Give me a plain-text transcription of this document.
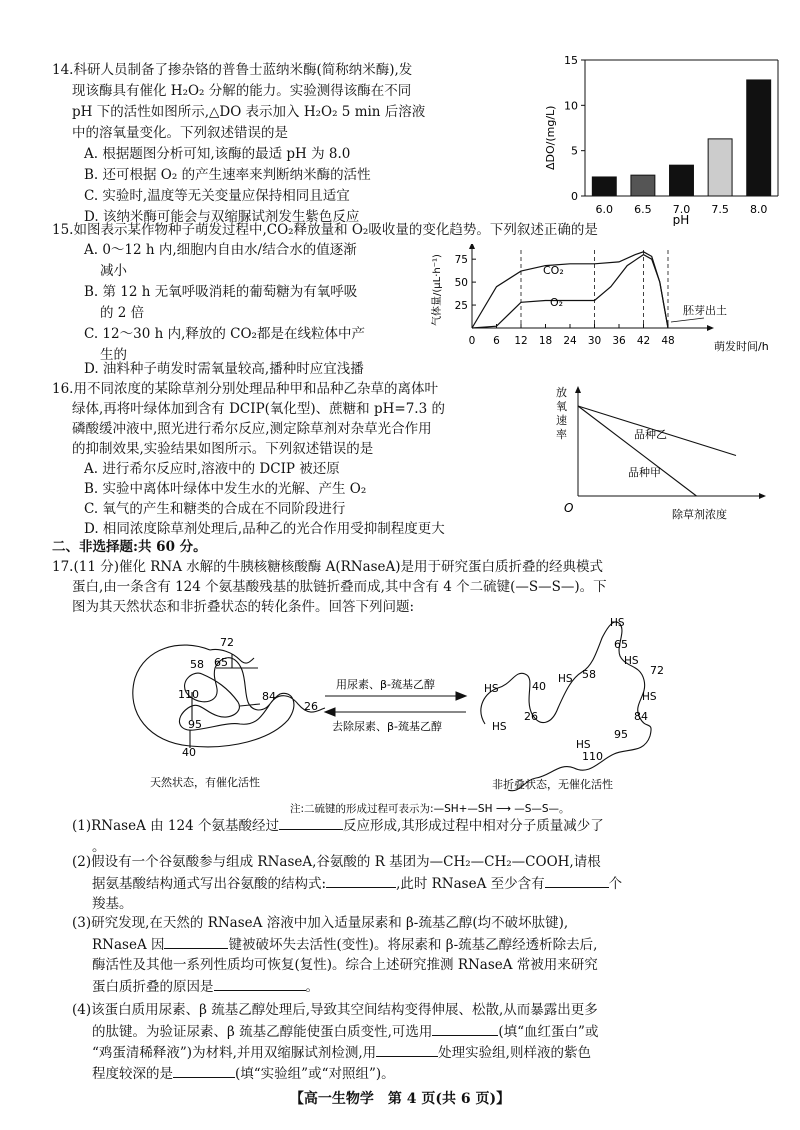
14.科研人员制备了掺杂铬的普鲁士蓝纳米酶(简称纳米酶),发
现该酶具有催化 H₂O₂ 分解的能力。实验测得该酶在不同
pH 下的活性如图所示,△DO 表示加入 H₂O₂ 5 min 后溶液
中的溶氧量变化。下列叙述错误的是
A. 根据题图分析可知,该酶的最适 pH 为 8.0
B. 还可根据 O₂ 的产生速率来判断纳米酶的活性
C. 实验时,温度等无关变量应保持相同且适宜
D. 该纳米酶可能会与双缩脲试剂发生紫色反应
0
5
10
15
6.0 6.5 7.0 7.5 8.0
ΔDO/(mg/L)
pH
15.如图表示某作物种子萌发过程中,CO₂释放量和 O₂吸收量的变化趋势。下列叙述正确的是
A. 0～12 h 内,细胞内自由水/结合水的值逐渐
减小
B. 第 12 h 无氧呼吸消耗的葡萄糖为有氧呼吸
的 2 倍
C. 12～30 h 内,释放的 CO₂都是在线粒体中产
生的
D. 油料种子萌发时需氧量较高,播种时应宜浅播
25
50
75
0 6 12 18 24 30 36 42 48
气体量/(μL·h⁻¹)
萌发时间/h
CO₂
O₂
胚芽出土
16.用不同浓度的某除草剂分别处理品种甲和品种乙杂草的离体叶
绿体,再将叶绿体加到含有 DCIP(氧化型)、蔗糖和 pH=7.3 的
磷酸缓冲液中,照光进行希尔反应,测定除草剂对杂草光合作用
的抑制效果,实验结果如图所示。下列叙述错误的是
A. 进行希尔反应时,溶液中的 DCIP 被还原
B. 实验中离体叶绿体中发生水的光解、产生 O₂
C. 氧气的产生和糖类的合成在不同阶段进行
D. 相同浓度除草剂处理后,品种乙的光合作用受抑制程度更大
放氧速率	品种乙
品种甲
O	除草剂浓度
二、非选择题:共 60 分。
17.(11 分)催化 RNA 水解的牛胰核糖核酸酶 A(RNaseA)是用于研究蛋白质折叠的经典模式
蛋白,由一条含有 124 个氨基酸残基的肽链折叠而成,其中含有 4 个二硫键(—S—S—)。下
图为其天然状态和非折叠状态的转化条件。回答下列问题:
72
65
58
110
95
84
26
40
天然状态，有催化活性
用尿素、β-巯基乙醇
去除尿素、β-巯基乙醇
65
72
58
40
26	84
95
110
HS
HS
HS
HS
HS
HS
HS
非折叠状态，无催化活性
注:二硫键的形成过程可表示为:—SH+—SH ⟶ —S—S—。
(1)RNaseA 由 124 个氨基酸经过	反应形成,其形成过程中相对分子质量减少了
。
(2)假设有一个谷氨酸参与组成 RNaseA,谷氨酸的 R 基团为—CH₂—CH₂—COOH,请根
据氨基酸结构通式写出谷氨酸的结构式:	,此时 RNaseA 至少含有	个
羧基。
(3)研究发现,在天然的 RNaseA 溶液中加入适量尿素和 β-巯基乙醇(均不破坏肽键),
RNaseA 因	键被破坏失去活性(变性)。将尿素和 β-巯基乙醇经透析除去后,
酶活性及其他一系列性质均可恢复(复性)。综合上述研究推测 RNaseA 常被用来研究
蛋白质折叠的原因是	。
(4)该蛋白质用尿素、β 巯基乙醇处理后,导致其空间结构变得伸展、松散,从而暴露出更多
的肽键。为验证尿素、β 巯基乙醇能使蛋白质变性,可选用	(填“血红蛋白”或
“鸡蛋清稀释液”)为材料,并用双缩脲试剂检测,用	处理实验组,则样液的紫色
程度较深的是	(填“实验组”或“对照组”)。
【高一生物学　第 4 页(共 6 页)】
